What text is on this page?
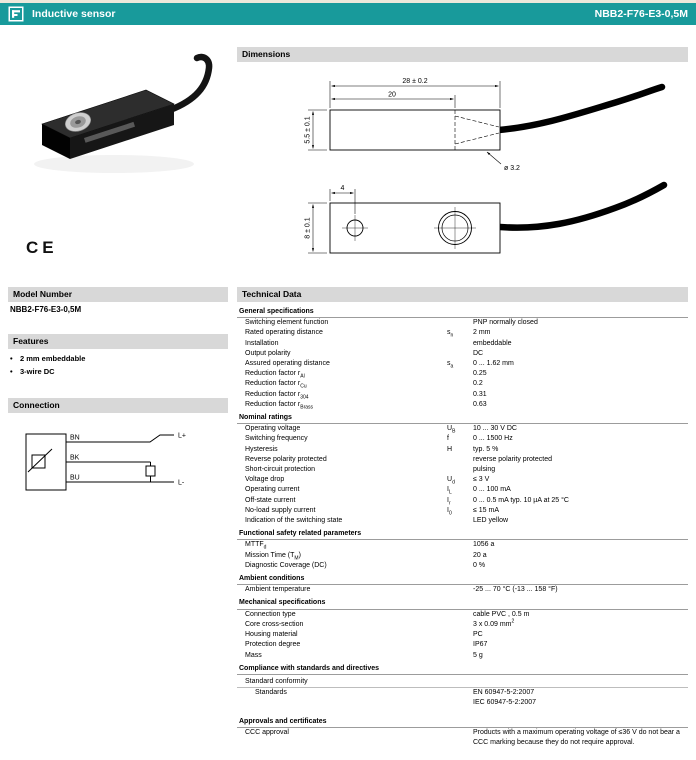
Inductive sensor	NBB2-F76-E3-0,5M
CE
Model Number
NBB2-F76-E3-0,5M
Features
• 2 mm embeddable
• 3-wire DC
Connection
BN
BK
BU
L+
L-
Dimensions
28 ± 0.2
20
5.5 ± 0.1
ø 3.2
4
8 ± 0.1
Technical Data
General specifications
Switching element function	PNP normally closed
Rated operating distance	$s_n$	2 mm
Installation	embeddable
Output polarity	DC
Assured operating distance	$s_a$	0 ... 1.62 mm
Reduction factor $r_{Al}$	0.25
Reduction factor $r_{Cu}$	0.2
Reduction factor $r_{304}$	0.31
Reduction factor $r_{Brass}$	0.63
Nominal ratings
Operating voltage	$U_B$	10 ... 30 V DC
Switching frequency	f	0 ... 1500 Hz
Hysteresis	H	typ. 5 %
Reverse polarity protected	reverse polarity protected
Short-circuit protection	pulsing
Voltage drop	$U_d$	≤ 3 V
Operating current	$I_L$	0 ... 100 mA
Off-state current	$I_r$	0 ... 0.5 mA typ. 10 µA at 25 °C
No-load supply current	$I_0$	≤ 15 mA
Indication of the switching state	LED yellow
Functional safety related parameters
$MTTF_d$	1056 a
Mission Time $(T_M)$	20 a
Diagnostic Coverage (DC)	0 %
Ambient conditions
Ambient temperature	-25 ... 70 °C (-13 ... 158 °F)
Mechanical specifications
Connection type	cable PVC , 0.5 m
Core cross-section	3 x 0.09 $mm^2$
Housing material	PC
Protection degree	IP67
Mass	5 g
Compliance with standards and directives
Standard conformity
Standards	EN 60947-5-2:2007
IEC 60947-5-2:2007
Approvals and certificates
CCC approval	Products with a maximum operating voltage of ≤36 V do not bear a CCC marking because they do not require approval.
